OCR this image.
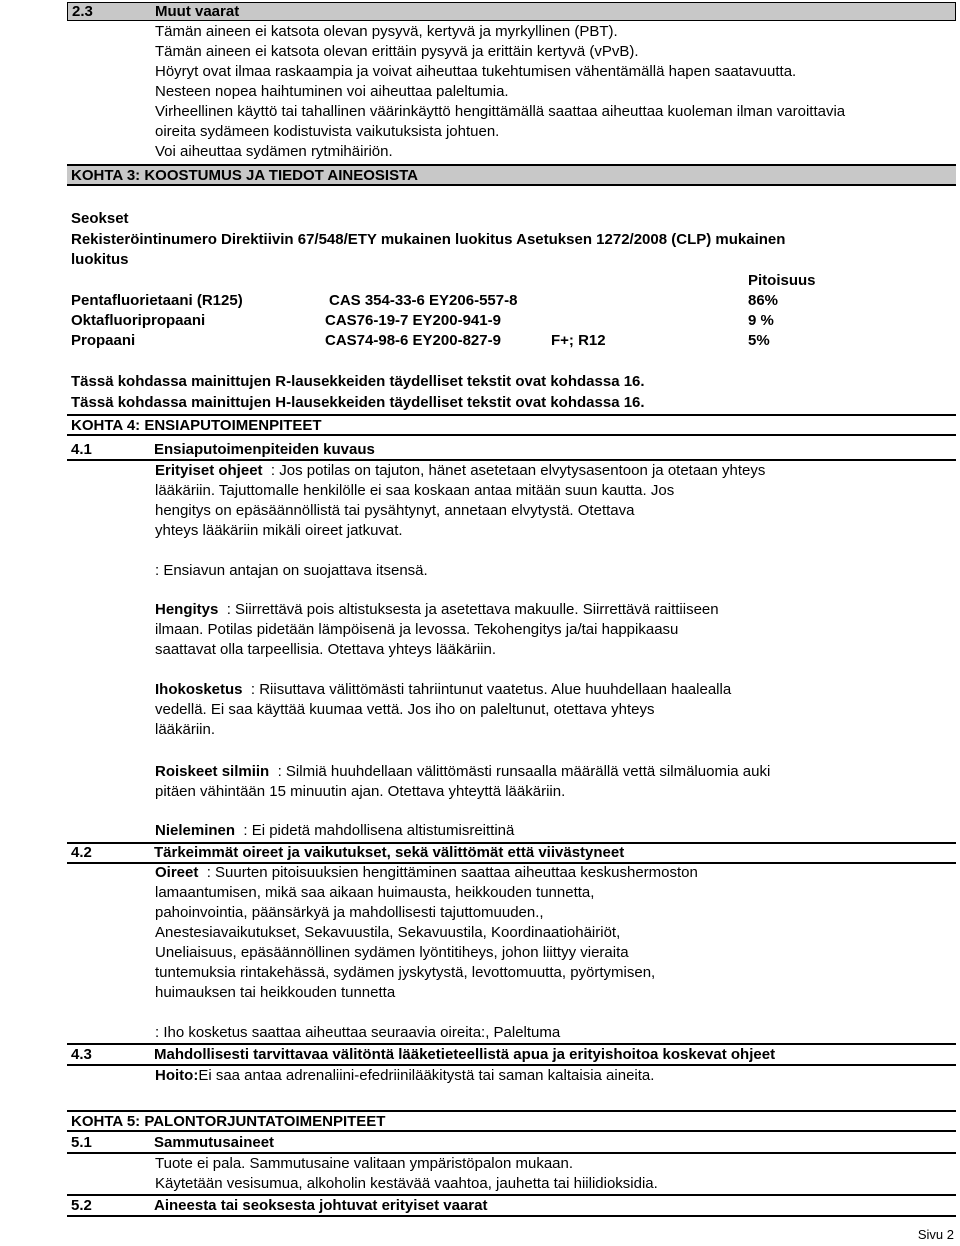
2.3	Muut vaarat
Tämän aineen ei katsota olevan pysyvä, kertyvä ja myrkyllinen (PBT).
Tämän aineen ei katsota olevan erittäin pysyvä ja erittäin kertyvä (vPvB).
Höyryt ovat ilmaa raskaampia ja voivat aiheuttaa tukehtumisen vähentämällä hapen saatavuutta.
Nesteen nopea haihtuminen voi aiheuttaa paleltumia.
Virheellinen käyttö tai tahallinen väärinkäyttö hengittämällä saattaa aiheuttaa kuoleman ilman varoittavia
oireita sydämeen kodistuvista vaikutuksista johtuen.
Voi aiheuttaa sydämen rytmihäiriön.
KOHTA 3: KOOSTUMUS JA TIEDOT AINEOSISTA
Seokset
Rekisteröintinumero Direktiivin 67/548/ETY mukainen luokitus Asetuksen 1272/2008 (CLP) mukainen
luokitus
Pitoisuus
Pentafluorietaani (R125)	CAS 354-33-6 EY206-557-8	86%
Oktafluoripropaani	CAS76-19-7 EY200-941-9	9 %
Propaani	CAS74-98-6 EY200-827-9	F+; R12	5%
Tässä kohdassa mainittujen R-lausekkeiden täydelliset tekstit ovat kohdassa 16.
Tässä kohdassa mainittujen H-lausekkeiden täydelliset tekstit ovat kohdassa 16.
KOHTA 4: ENSIAPUTOIMENPITEET
4.1	Ensiaputoimenpiteiden kuvaus
Erityiset ohjeet : Jos potilas on tajuton, hänet asetetaan elvytysasentoon ja otetaan yhteys
lääkäriin. Tajuttomalle henkilölle ei saa koskaan antaa mitään suun kautta. Jos
hengitys on epäsäännöllistä tai pysähtynyt, annetaan elvytystä. Otettava
yhteys lääkäriin mikäli oireet jatkuvat.
: Ensiavun antajan on suojattava itsensä.
Hengitys : Siirrettävä pois altistuksesta ja asetettava makuulle. Siirrettävä raittiiseen
ilmaan. Potilas pidetään lämpöisenä ja levossa. Tekohengitys ja/tai happikaasu
saattavat olla tarpeellisia. Otettava yhteys lääkäriin.
Ihokosketus : Riisuttava välittömästi tahriintunut vaatetus. Alue huuhdellaan haalealla
vedellä. Ei saa käyttää kuumaa vettä. Jos iho on paleltunut, otettava yhteys
lääkäriin.
Roiskeet silmiin : Silmiä huuhdellaan välittömästi runsaalla määrällä vettä silmäluomia auki
pitäen vähintään 15 minuutin ajan. Otettava yhteyttä lääkäriin.
Nieleminen : Ei pidetä mahdollisena altistumisreittinä
4.2	Tärkeimmät oireet ja vaikutukset, sekä välittömät että viivästyneet
Oireet : Suurten pitoisuuksien hengittäminen saattaa aiheuttaa keskushermoston
lamaantumisen, mikä saa aikaan huimausta, heikkouden tunnetta,
pahoinvointia, päänsärkyä ja mahdollisesti tajuttomuuden.,
Anestesiavaikutukset, Sekavuustila, Sekavuustila, Koordinaatiohäiriöt,
Uneliaisuus, epäsäännöllinen sydämen lyöntitiheys, johon liittyy vieraita
tuntemuksia rintakehässä, sydämen jyskytystä, levottomuutta, pyörtymisen,
huimauksen tai heikkouden tunnetta
: Iho kosketus saattaa aiheuttaa seuraavia oireita:, Paleltuma
4.3	Mahdollisesti tarvittavaa välitöntä lääketieteellistä apua ja erityishoitoa koskevat ohjeet
Hoito:Ei saa antaa adrenaliini-efedriinilääkitystä tai saman kaltaisia aineita.
KOHTA 5: PALONTORJUNTATOIMENPITEET
5.1	Sammutusaineet
Tuote ei pala. Sammutusaine valitaan ympäristöpalon mukaan.
Käytetään vesisumua, alkoholin kestävää vaahtoa, jauhetta tai hiilidioksidia.
5.2	Aineesta tai seoksesta johtuvat erityiset vaarat
Sivu 2
